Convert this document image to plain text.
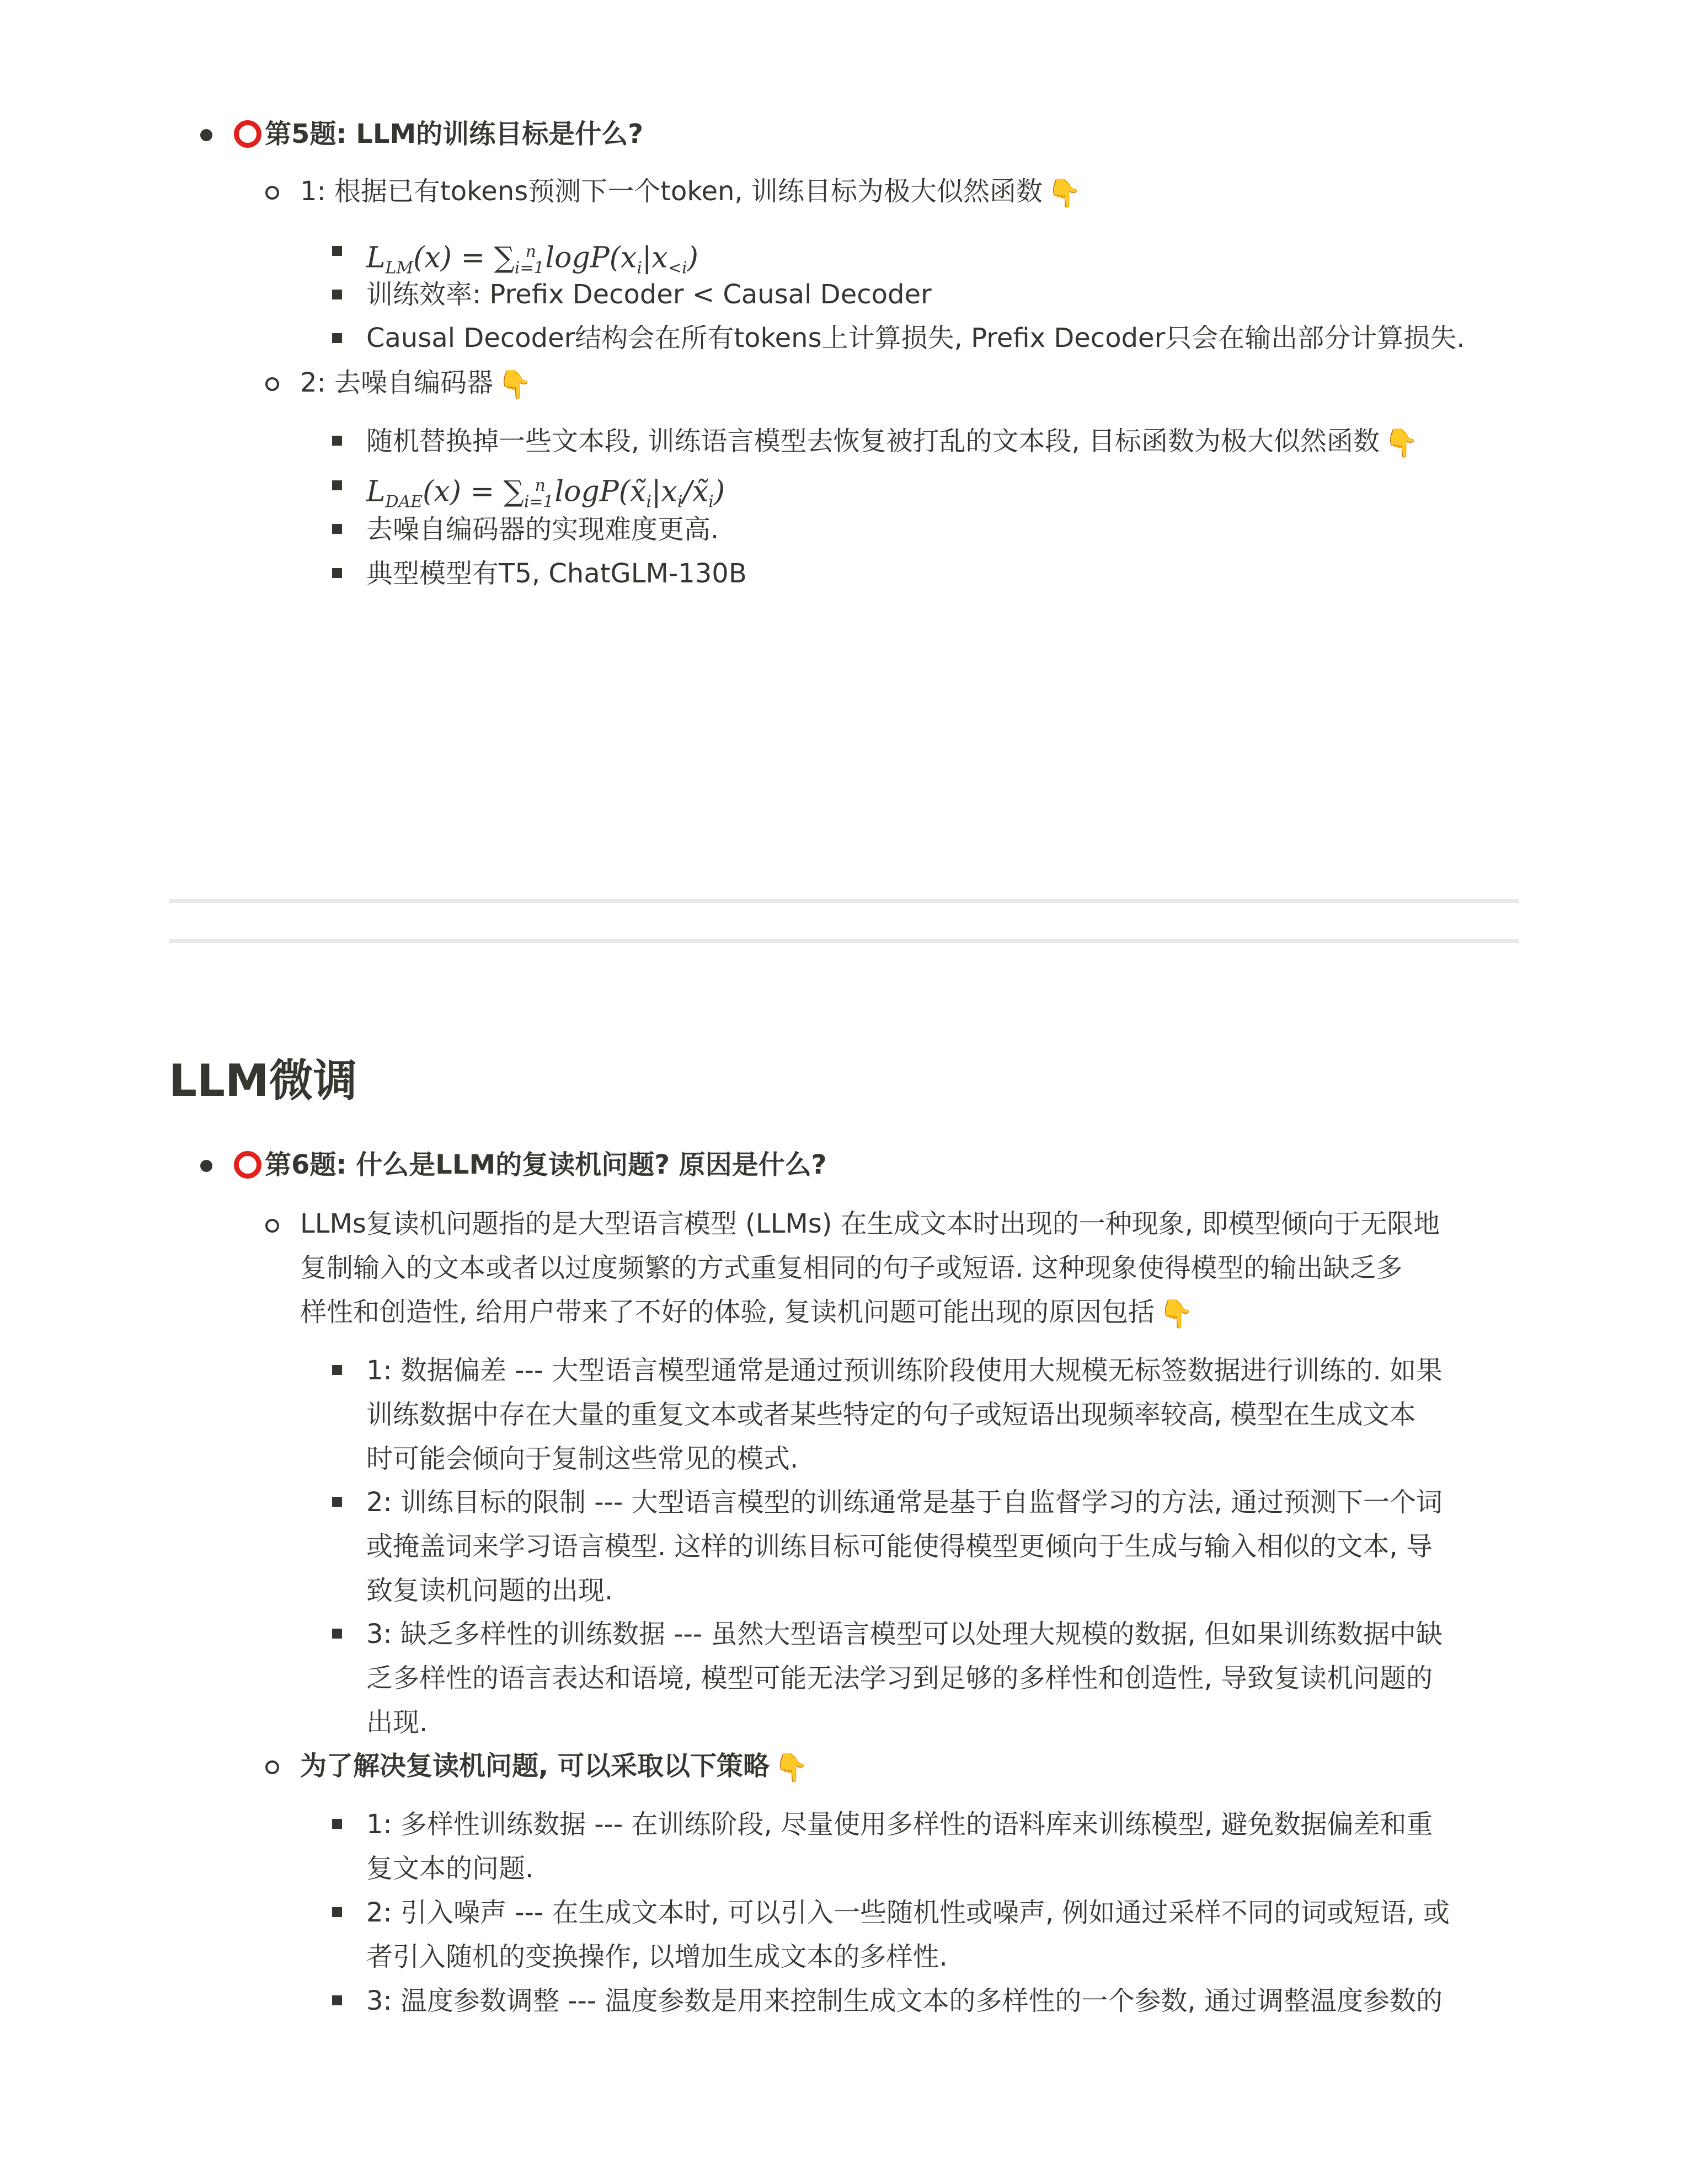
第5题: LLM的训练目标是什么?
1: 根据已有tokens预测下一个token, 训练目标为极大似然函数 👇
$L_{LM}(x) = \sum_{i=1}^n$ $\log P(x_i|x_{<i})$
训练效率: Prefix Decoder < Causal Decoder
Causal Decoder结构会在所有tokens上计算损失, Prefix Decoder只会在输出部分计算损失.
2: 去噪自编码器 👇
随机替换掉一些文本段, 训练语言模型去恢复被打乱的文本段, 目标函数为极大似然函数 👇
$L_{DAE}(x) = \sum_{i=1}^n$ $\log P(x̃_i|x_i/x̃_i)$
去噪自编码器的实现难度更高.
典型模型有T5, ChatGLM-130B
LLM微调
第6题: 什么是LLM的复读机问题? 原因是什么?
LLMs复读机问题指的是大型语言模型 (LLMs) 在生成文本时出现的一种现象, 即模型倾向于无限地
复制输入的文本或者以过度频繁的方式重复相同的句子或短语. 这种现象使得模型的输出缺乏多
样性和创造性, 给用户带来了不好的体验, 复读机问题可能出现的原因包括 👇
1: 数据偏差 --- 大型语言模型通常是通过预训练阶段使用大规模无标签数据进行训练的. 如果
训练数据中存在大量的重复文本或者某些特定的句子或短语出现频率较高, 模型在生成文本
时可能会倾向于复制这些常见的模式.
2: 训练目标的限制 --- 大型语言模型的训练通常是基于自监督学习的方法, 通过预测下一个词
或掩盖词来学习语言模型. 这样的训练目标可能使得模型更倾向于生成与输入相似的文本, 导
致复读机问题的出现.
3: 缺乏多样性的训练数据 --- 虽然大型语言模型可以处理大规模的数据, 但如果训练数据中缺
乏多样性的语言表达和语境, 模型可能无法学习到足够的多样性和创造性, 导致复读机问题的
出现.
为了解决复读机问题, 可以采取以下策略 👇
1: 多样性训练数据 --- 在训练阶段, 尽量使用多样性的语料库来训练模型, 避免数据偏差和重
复文本的问题.
2: 引入噪声 --- 在生成文本时, 可以引入一些随机性或噪声, 例如通过采样不同的词或短语, 或
者引入随机的变换操作, 以增加生成文本的多样性.
3: 温度参数调整 --- 温度参数是用来控制生成文本的多样性的一个参数, 通过调整温度参数的
